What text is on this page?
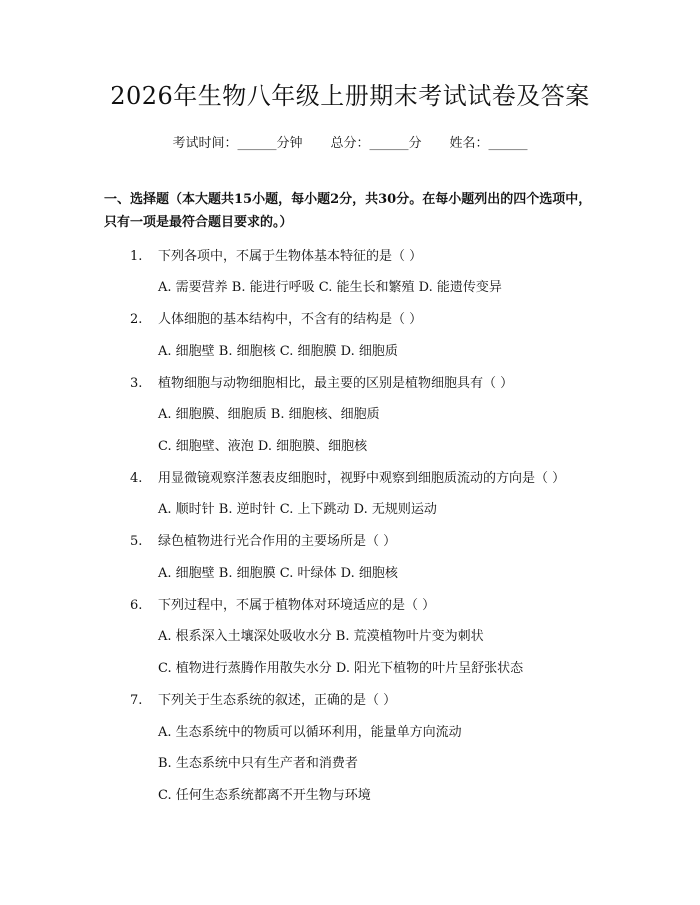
2026年生物八年级上册期末考试试卷及答案
考试时间：______分钟 总分：______分 姓名：______
一、选择题（本大题共15小题，每小题2分，共30分。在每小题列出的四个选项中，只有一项是最符合题目要求的。）
1. 下列各项中，不属于生物体基本特征的是（ ）
A. 需要营养 B. 能进行呼吸 C. 能生长和繁殖 D. 能遗传变异
2. 人体细胞的基本结构中，不含有的结构是（ ）
A. 细胞壁 B. 细胞核 C. 细胞膜 D. 细胞质
3. 植物细胞与动物细胞相比，最主要的区别是植物细胞具有（ ）
A. 细胞膜、细胞质 B. 细胞核、细胞质
C. 细胞壁、液泡 D. 细胞膜、细胞核
4. 用显微镜观察洋葱表皮细胞时，视野中观察到细胞质流动的方向是（ ）
A. 顺时针 B. 逆时针 C. 上下跳动 D. 无规则运动
5. 绿色植物进行光合作用的主要场所是（ ）
A. 细胞壁 B. 细胞膜 C. 叶绿体 D. 细胞核
6. 下列过程中，不属于植物体对环境适应的是（ ）
A. 根系深入土壤深处吸收水分 B. 荒漠植物叶片变为刺状
C. 植物进行蒸腾作用散失水分 D. 阳光下植物的叶片呈舒张状态
7. 下列关于生态系统的叙述，正确的是（ ）
A. 生态系统中的物质可以循环利用，能量单方向流动
B. 生态系统中只有生产者和消费者
C. 任何生态系统都离不开生物与环境
